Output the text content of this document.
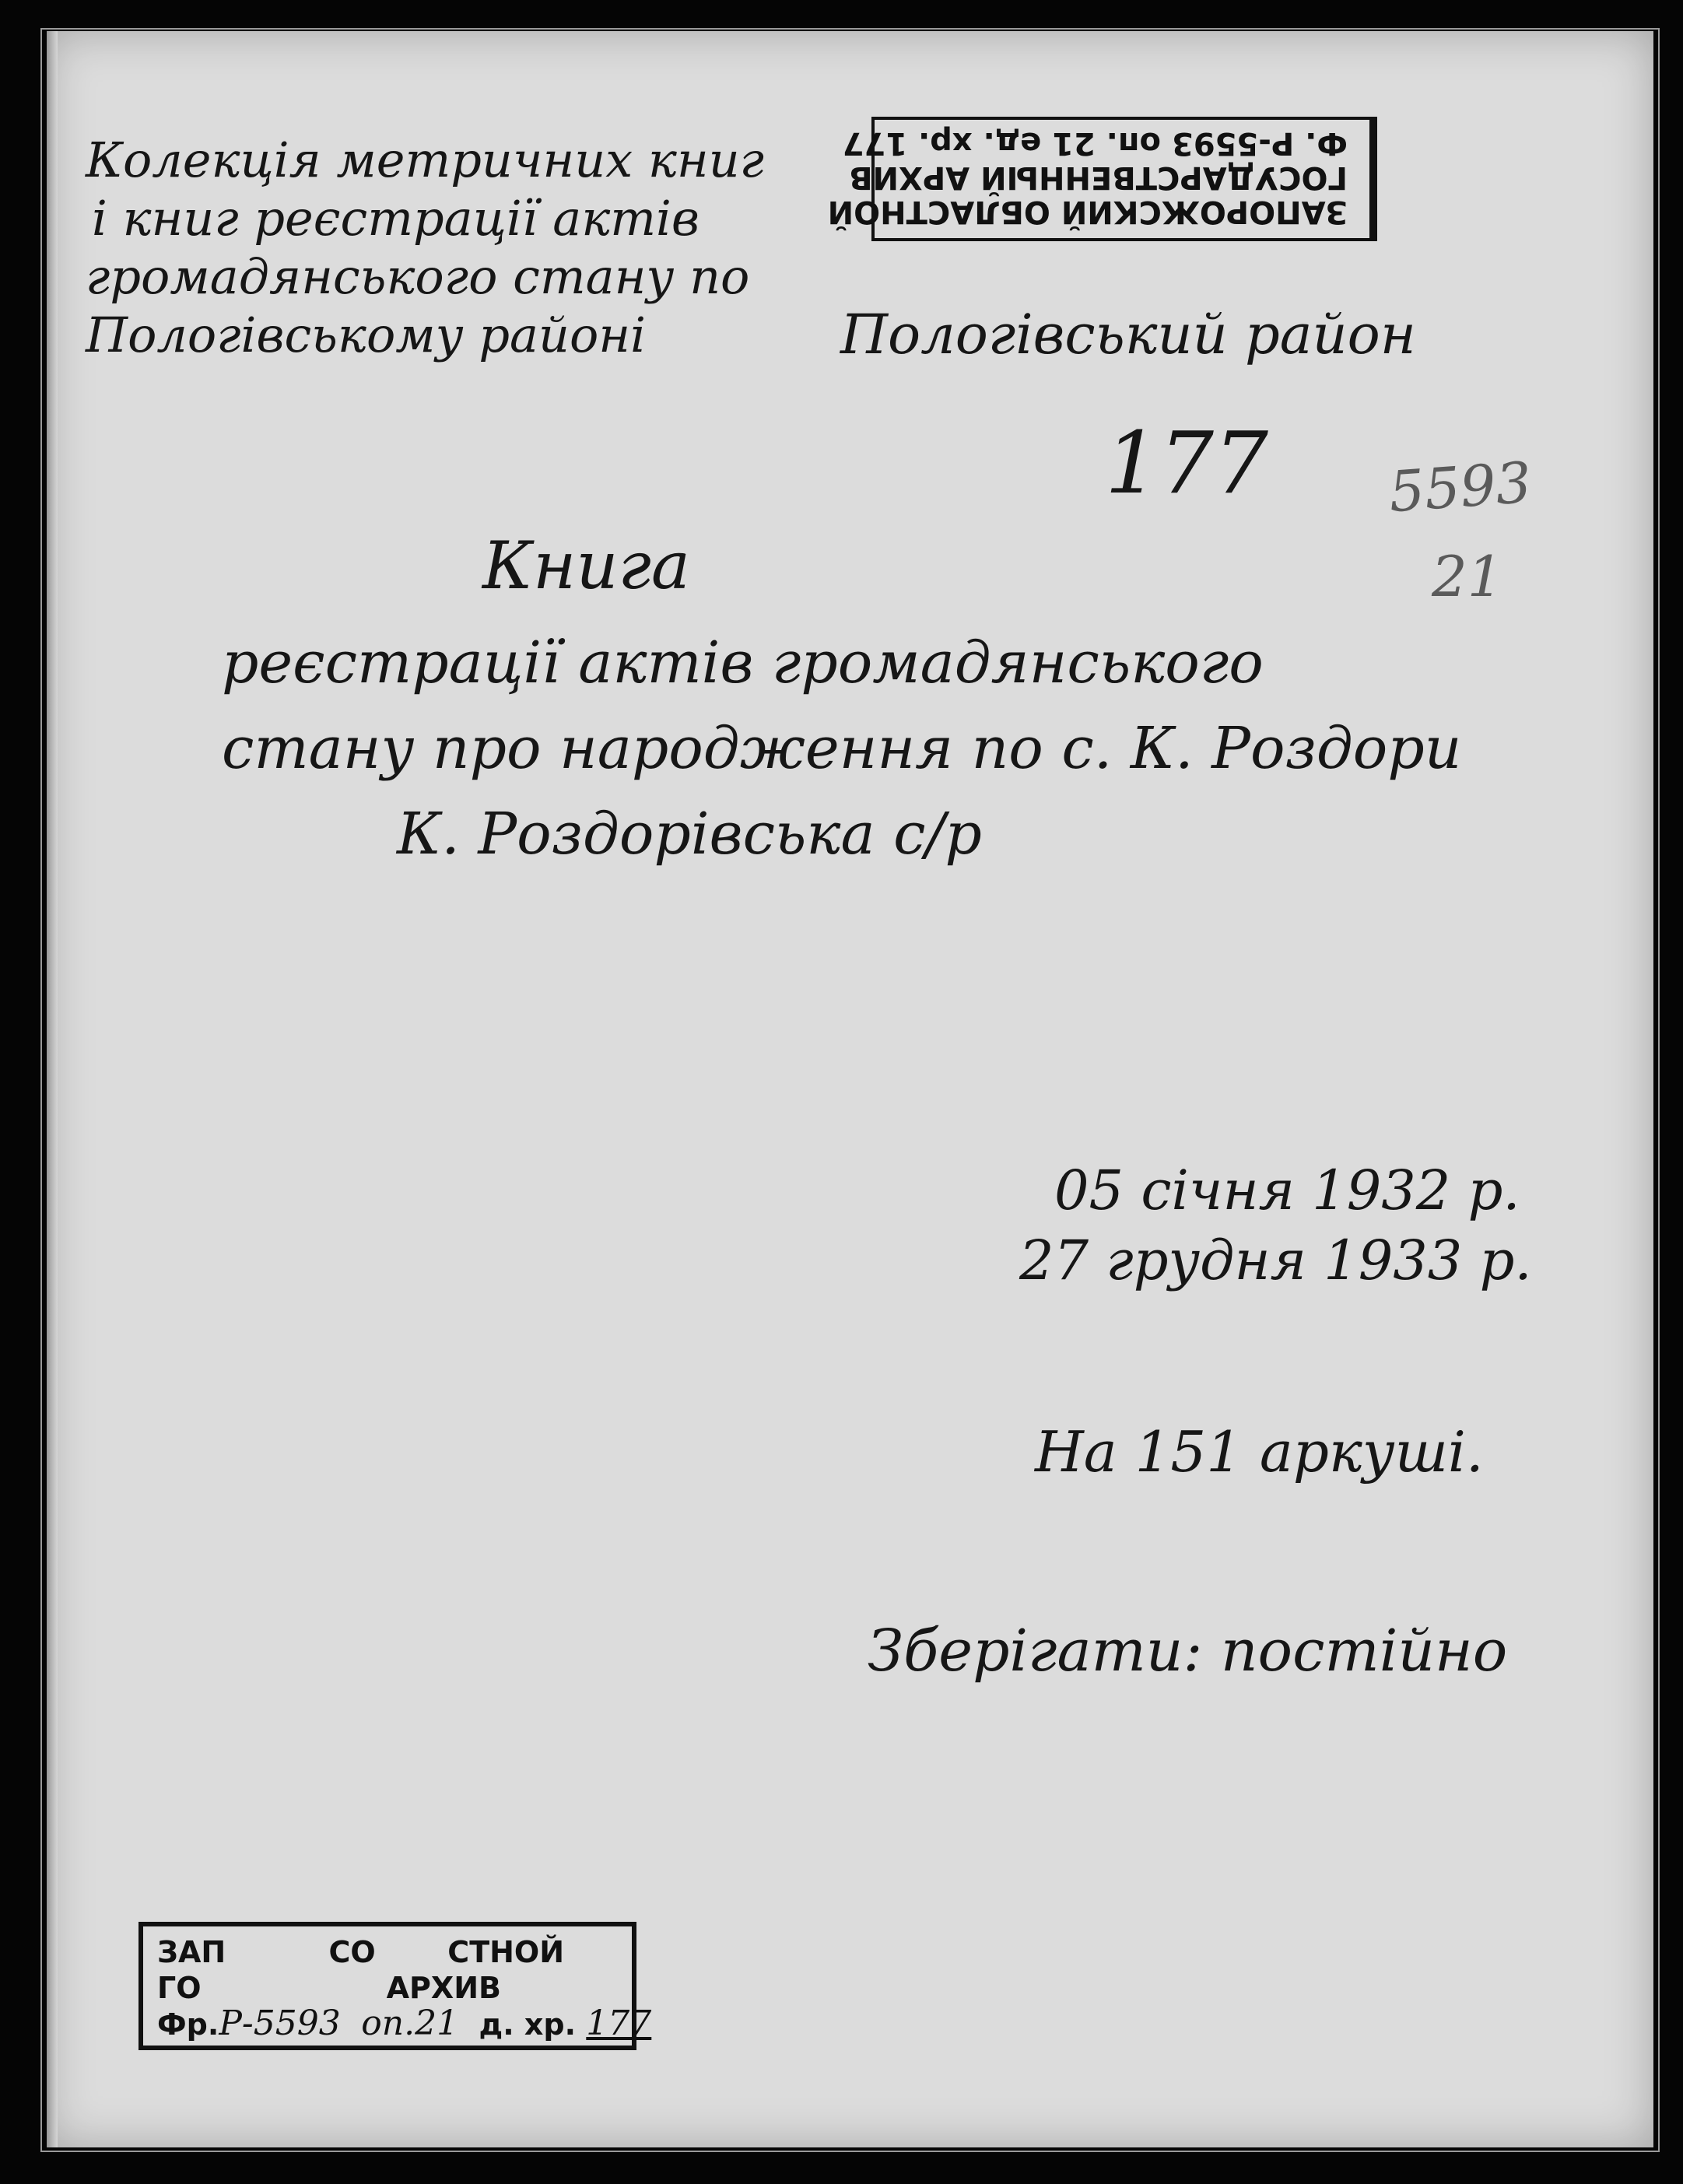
Колекція метричних книг
і книг реєстрації актів
громадянського стану по
Пологівському районі	Пологівський район
ЗАПОРОЖСКИЙ ОБЛАСТНОЙ
ГОСУДАРСТВЕННЫЙ АРХИВ
Ф. Р-5593 оп. 21 ед. хр. 177
177 5593
21
Книга
реєстрації актів громадянського
стану про народження по с. К. Роздори
К. Роздорівська с/р
05 січня 1932 р.
27 грудня 1933 р.
На 151 аркуші.
Зберігати: постійно
ЗАП          СО       СТНОЙ
ГО                  АРХИВ
Фр.Р-5593 оп.21 д. хр. 177
